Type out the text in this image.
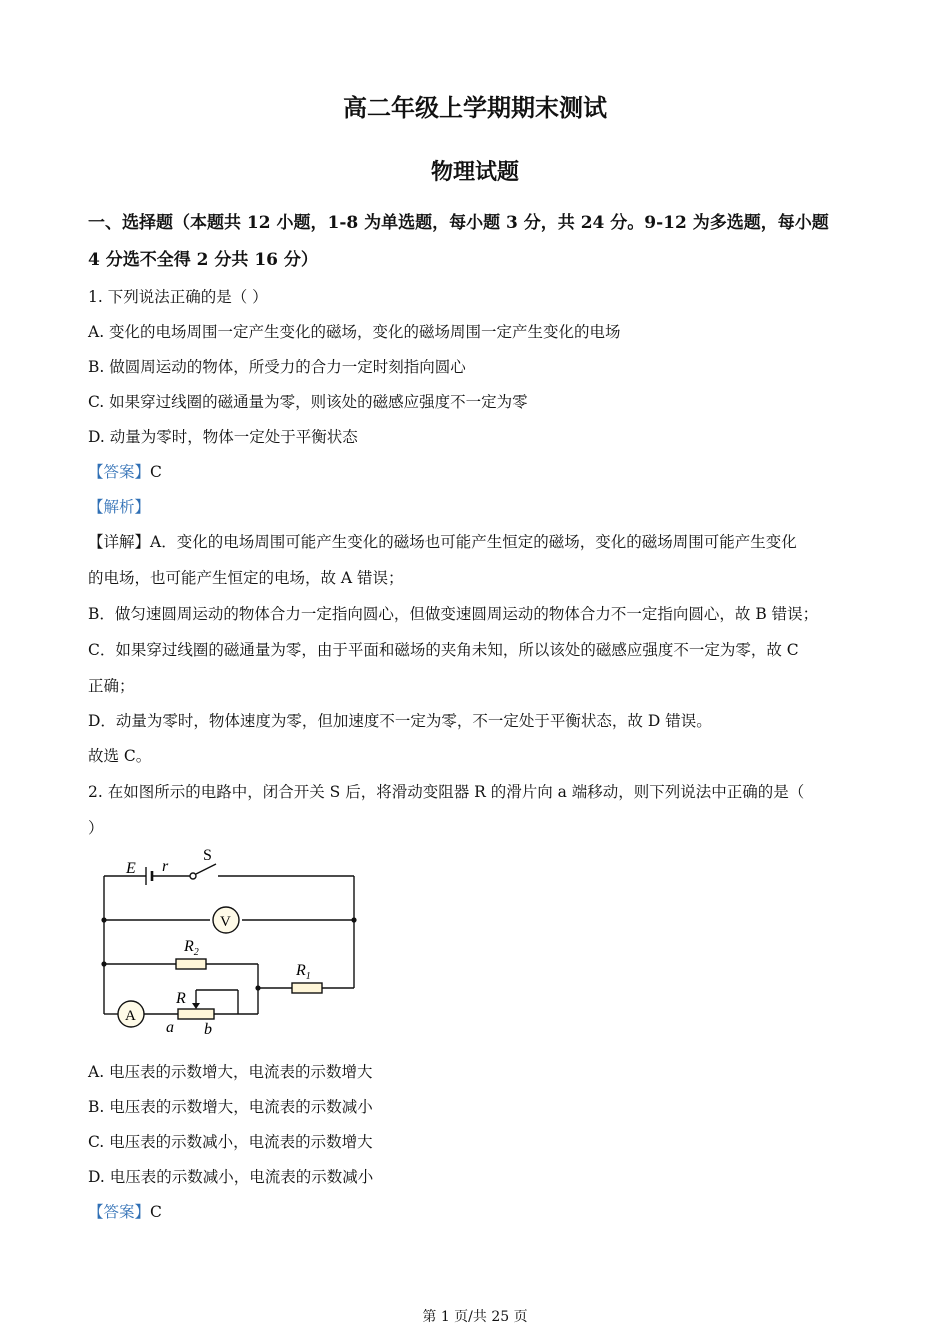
高二年级上学期期末测试
物理试题
一、选择题（本题共 12 小题，1-8 为单选题，每小题 3 分，共 24 分。9-12 为多选题，每小题
4 分选不全得 2 分共 16 分）
1. 下列说法正确的是（ ）
A. 变化的电场周围一定产生变化的磁场，变化的磁场周围一定产生变化的电场
B. 做圆周运动的物体，所受力的合力一定时刻指向圆心
C. 如果穿过线圈的磁通量为零，则该处的磁感应强度不一定为零
D. 动量为零时，物体一定处于平衡状态
【答案】C
【解析】
【详解】A．变化的电场周围可能产生变化的磁场也可能产生恒定的磁场，变化的磁场周围可能产生变化
的电场，也可能产生恒定的电场，故 A 错误；
B．做匀速圆周运动的物体合力一定指向圆心，但做变速圆周运动的物体合力不一定指向圆心，故 B 错误；
C．如果穿过线圈的磁通量为零，由于平面和磁场的夹角未知，所以该处的磁感应强度不一定为零，故 C
正确；
D．动量为零时，物体速度为零，但加速度不一定为零，不一定处于平衡状态，故 D 错误。
故选 C。
2. 在如图所示的电路中，闭合开关 S 后，将滑动变阻器 R 的滑片向 a 端移动，则下列说法中正确的是（
）
E r
S
V
A
$R_2$
$R_1$
R
a b
A. 电压表的示数增大，电流表的示数增大
B. 电压表的示数增大，电流表的示数减小
C. 电压表的示数减小，电流表的示数增大
D. 电压表的示数减小，电流表的示数减小
【答案】C
第 1 页/共 25 页
